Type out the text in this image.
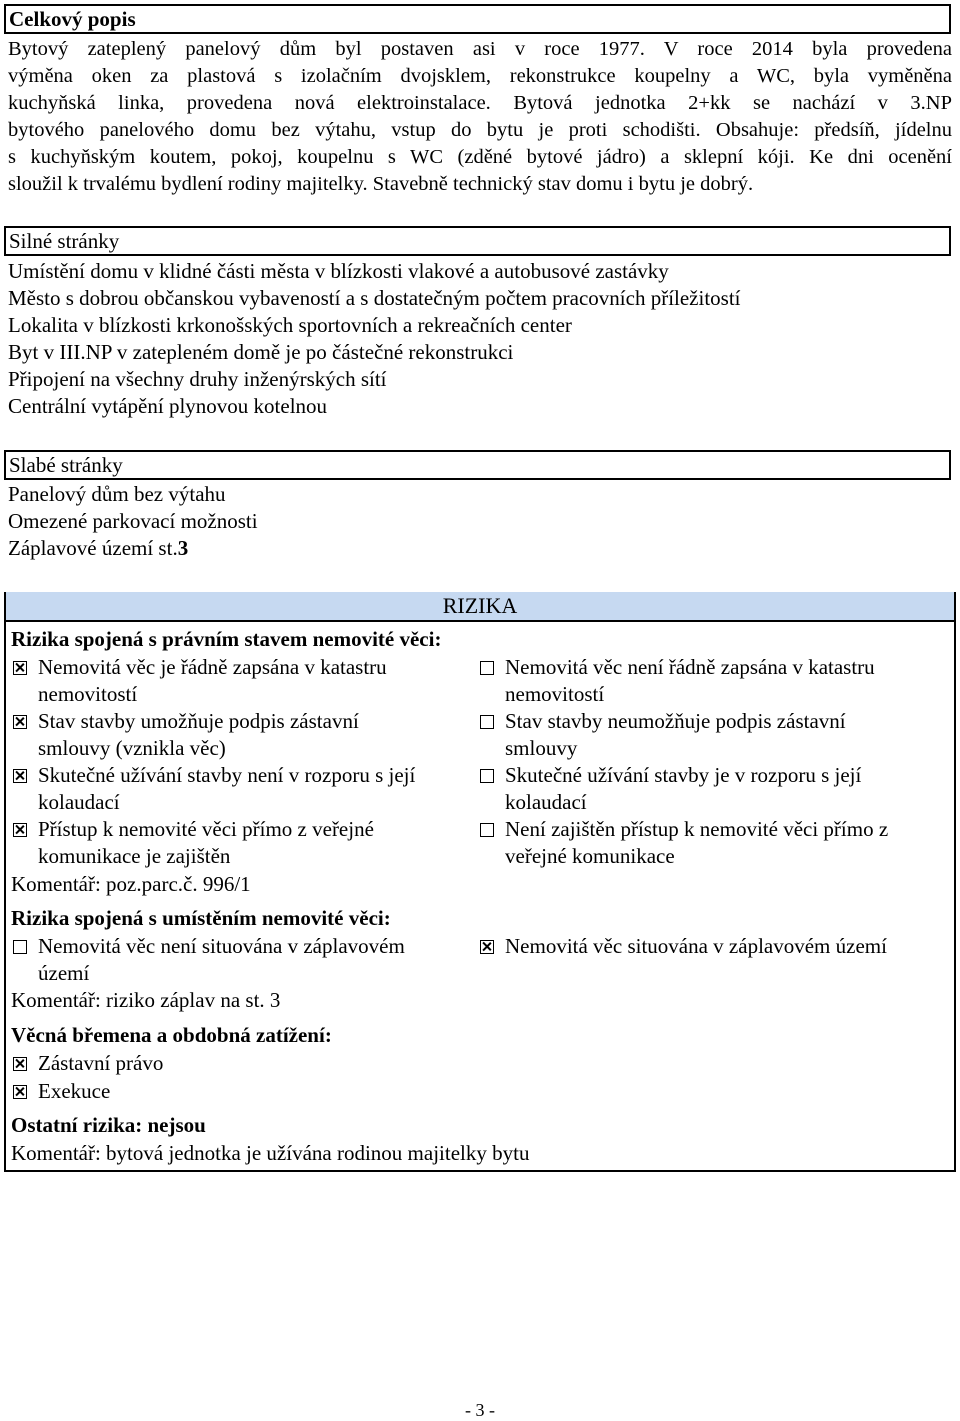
Celkový popis
Bytový zateplený panelový dům byl postaven asi v roce 1977. V roce 2014 byla provedena
výměna oken za plastová s izolačním dvojsklem, rekonstrukce koupelny a WC, byla vyměněna
kuchyňská linka, provedena nová elektroinstalace. Bytová jednotka 2+kk se nachází v 3.NP
bytového panelového domu bez výtahu, vstup do bytu je proti schodišti. Obsahuje: předsíň, jídelnu
s kuchyňským koutem, pokoj, koupelnu s WC (zděné bytové jádro) a sklepní kóji. Ke dni ocenění
sloužil k trvalému bydlení rodiny majitelky. Stavebně technický stav domu i bytu je dobrý.
Silné stránky
Umístění domu v klidné části města v blízkosti vlakové a autobusové zastávky
Město s dobrou občanskou vybaveností a s dostatečným počtem pracovních příležitostí
Lokalita v blízkosti krkonošských sportovních a rekreačních center
Byt v III.NP v zatepleném domě je po částečné rekonstrukci
Připojení na všechny druhy inženýrských sítí
Centrální vytápění plynovou kotelnou
Slabé stránky
Panelový dům bez výtahu
Omezené parkovací možnosti
Záplavové území st.3
RIZIKA
Rizika spojená s právním stavem nemovité věci:
Nemovitá věc je řádně zapsána v katastru
nemovitostí
Nemovitá věc není řádně zapsána v katastru
nemovitostí
Stav stavby umožňuje podpis zástavní
smlouvy (vznikla věc)
Stav stavby neumožňuje podpis zástavní
smlouvy
Skutečné užívání stavby není v rozporu s její
kolaudací
Skutečné užívání stavby je v rozporu s její
kolaudací
Přístup k nemovité věci přímo z veřejné
komunikace je zajištěn
Není zajištěn přístup k nemovité věci přímo z
veřejné komunikace
Komentář: poz.parc.č. 996/1
Rizika spojená s umístěním nemovité věci:
Nemovitá věc není situována v záplavovém
území
Nemovitá věc situována v záplavovém území
Komentář: riziko záplav na st. 3
Věcná břemena a obdobná zatížení:
Zástavní právo
Exekuce
Ostatní rizika: nejsou
Komentář: bytová jednotka je užívána rodinou majitelky bytu
- 3 -
